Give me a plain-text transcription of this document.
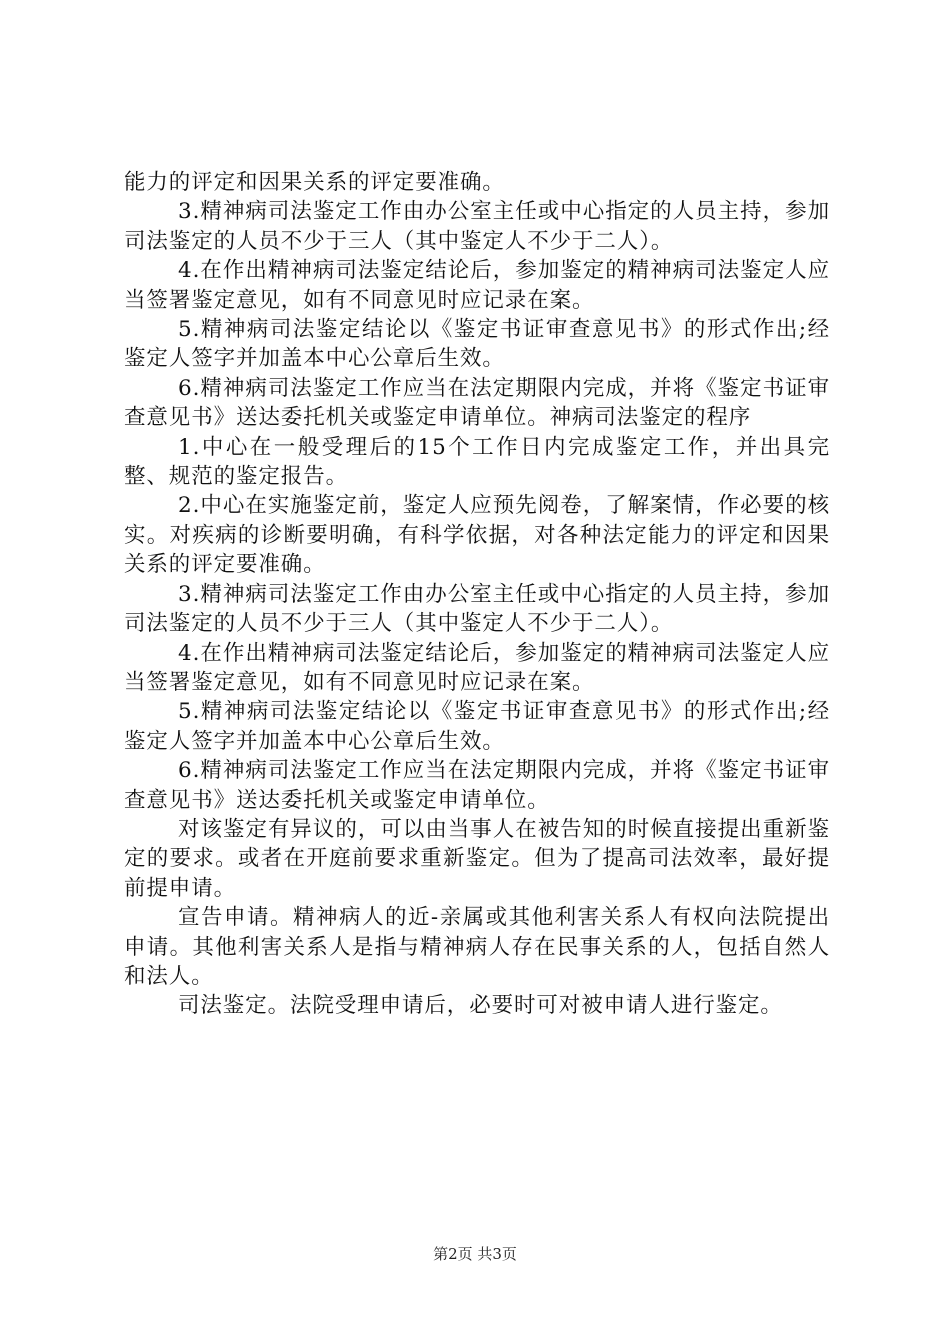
能力的评定和因果关系的评定要准确。

3.精神病司法鉴定工作由办公室主任或中心指定的人员主持，参加司法鉴定的人员不少于三人（其中鉴定人不少于二人）。

4.在作出精神病司法鉴定结论后，参加鉴定的精神病司法鉴定人应当签署鉴定意见，如有不同意见时应记录在案。

5.精神病司法鉴定结论以《鉴定书证审查意见书》的形式作出;经鉴定人签字并加盖本中心公章后生效。

6.精神病司法鉴定工作应当在法定期限内完成，并将《鉴定书证审查意见书》送达委托机关或鉴定申请单位。神病司法鉴定的程序

1.中心在一般受理后的15个工作日内完成鉴定工作，并出具完整、规范的鉴定报告。

2.中心在实施鉴定前，鉴定人应预先阅卷，了解案情，作必要的核实。对疾病的诊断要明确，有科学依据，对各种法定能力的评定和因果关系的评定要准确。

3.精神病司法鉴定工作由办公室主任或中心指定的人员主持，参加司法鉴定的人员不少于三人（其中鉴定人不少于二人）。

4.在作出精神病司法鉴定结论后，参加鉴定的精神病司法鉴定人应当签署鉴定意见，如有不同意见时应记录在案。

5.精神病司法鉴定结论以《鉴定书证审查意见书》的形式作出;经鉴定人签字并加盖本中心公章后生效。

6.精神病司法鉴定工作应当在法定期限内完成，并将《鉴定书证审查意见书》送达委托机关或鉴定申请单位。

对该鉴定有异议的，可以由当事人在被告知的时候直接提出重新鉴定的要求。或者在开庭前要求重新鉴定。但为了提高司法效率，最好提前提申请。

宣告申请。精神病人的近-亲属或其他利害关系人有权向法院提出申请。其他利害关系人是指与精神病人存在民事关系的人，包括自然人和法人。

司法鉴定。法院受理申请后，必要时可对被申请人进行鉴定。

第2页 共3页
